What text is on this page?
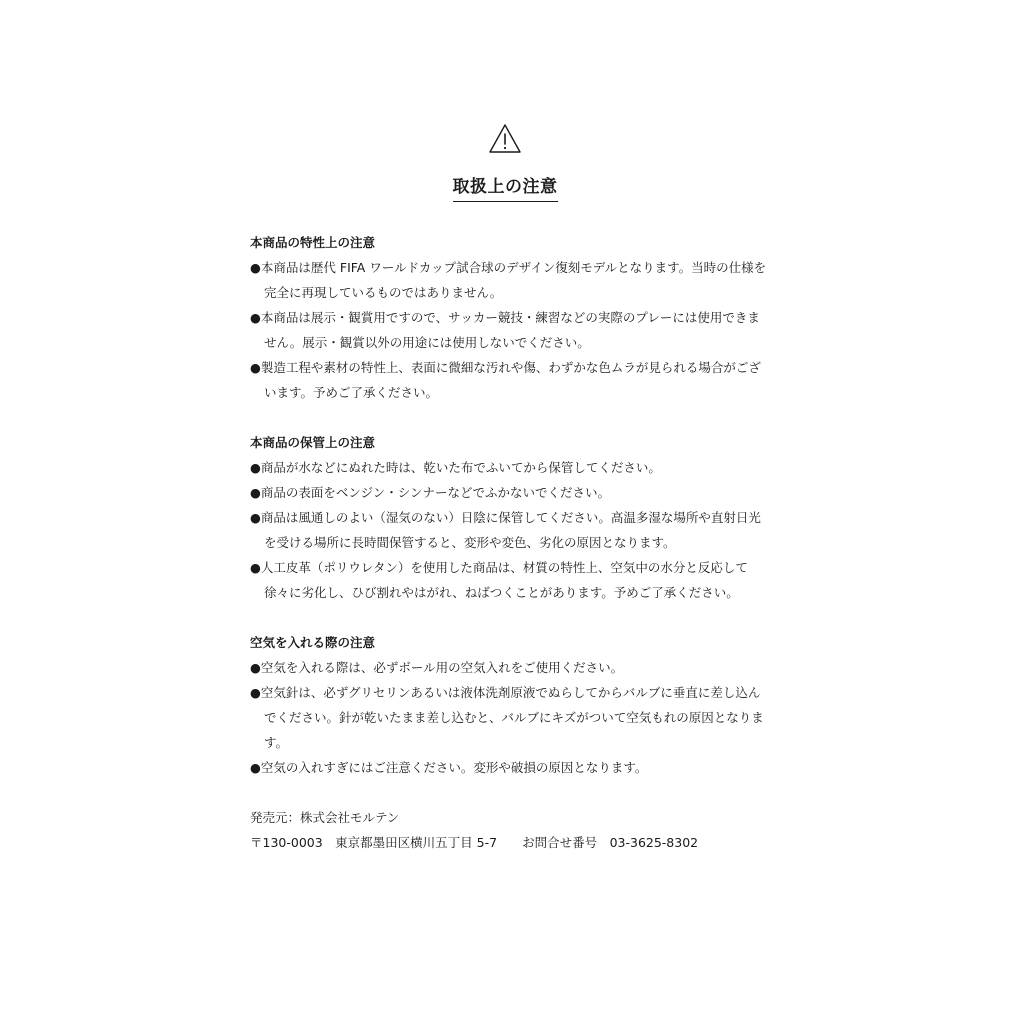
取扱上の注意
本商品の特性上の注意
●本商品は歴代 FIFA ワールドカップ試合球のデザイン復刻モデルとなります。当時の仕様を完全に再現しているものではありません。
●本商品は展示・観賞用ですので、サッカー競技・練習などの実際のプレーには使用できません。展示・観賞以外の用途には使用しないでください。
●製造工程や素材の特性上、表面に微細な汚れや傷、わずかな色ムラが見られる場合がございます。予めご了承ください。
本商品の保管上の注意
●商品が水などにぬれた時は、乾いた布でふいてから保管してください。
●商品の表面をベンジン・シンナーなどでふかないでください。
●商品は風通しのよい（湿気のない）日陰に保管してください。高温多湿な場所や直射日光を受ける場所に長時間保管すると、変形や変色、劣化の原因となります。
●人工皮革（ポリウレタン）を使用した商品は、材質の特性上、空気中の水分と反応して徐々に劣化し、ひび割れやはがれ、ねばつくことがあります。予めご了承ください。
空気を入れる際の注意
●空気を入れる際は、必ずボール用の空気入れをご使用ください。
●空気針は、必ずグリセリンあるいは液体洗剤原液でぬらしてからバルブに垂直に差し込んでください。針が乾いたまま差し込むと、バルブにキズがついて空気もれの原因となります。
●空気の入れすぎにはご注意ください。変形や破損の原因となります。
発売元：株式会社モルテン
〒130-0003　東京都墨田区横川五丁目 5-7　　お問合せ番号　03-3625-8302
